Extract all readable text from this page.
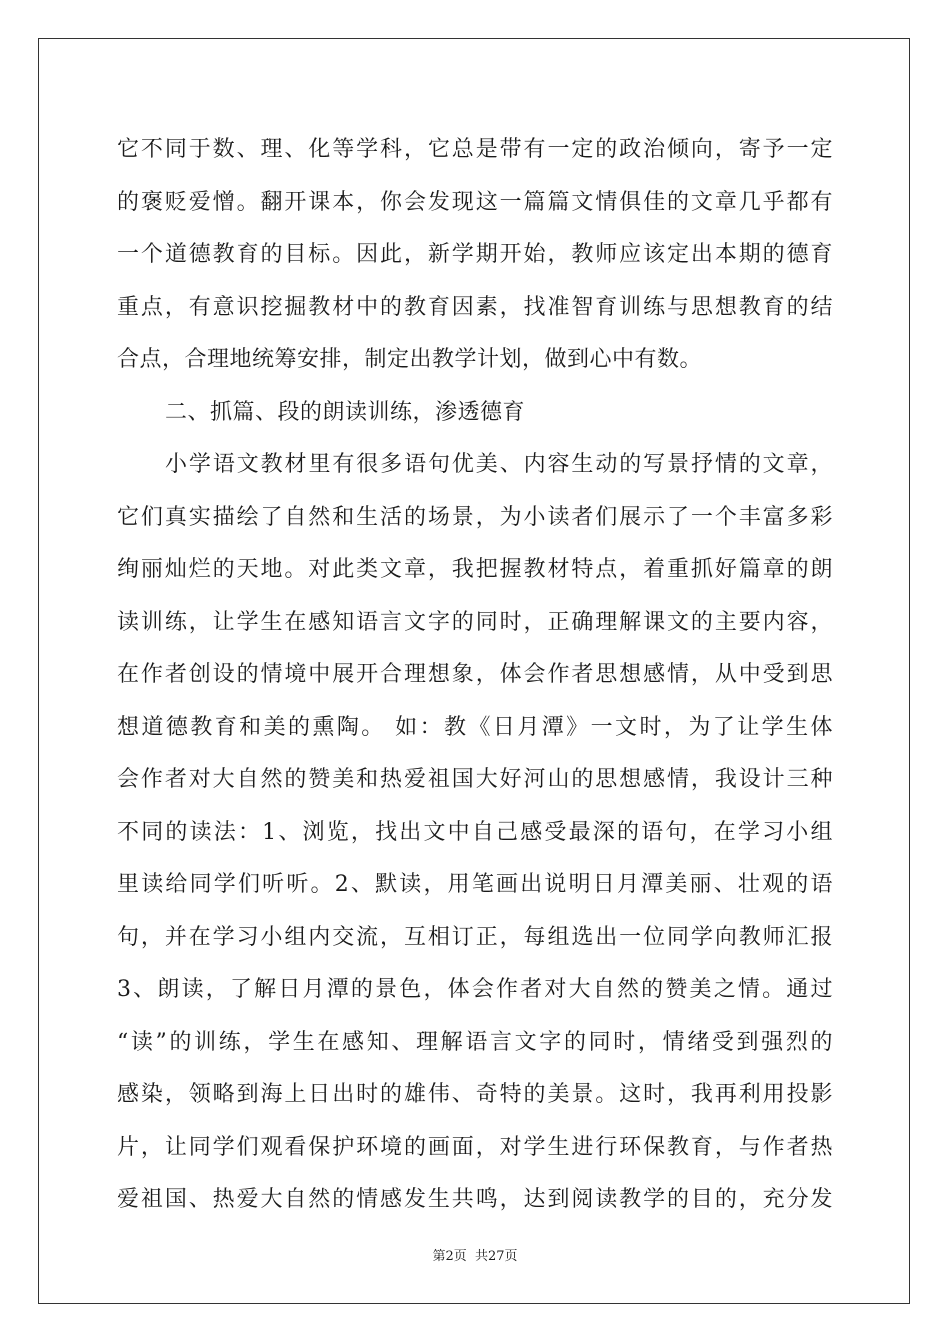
它不同于数、理、化等学科，它总是带有一定的政治倾向，寄予一定
的褒贬爱憎。翻开课本，你会发现这一篇篇文情俱佳的文章几乎都有
一个道德教育的目标。因此，新学期开始，教师应该定出本期的德育
重点，有意识挖掘教材中的教育因素，找准智育训练与思想教育的结
合点，合理地统筹安排，制定出教学计划，做到心中有数。
二、抓篇、段的朗读训练，渗透德育
小学语文教材里有很多语句优美、内容生动的写景抒情的文章，
它们真实描绘了自然和生活的场景，为小读者们展示了一个丰富多彩
绚丽灿烂的天地。对此类文章，我把握教材特点，着重抓好篇章的朗
读训练，让学生在感知语言文字的同时，正确理解课文的主要内容，
在作者创设的情境中展开合理想象，体会作者思想感情，从中受到思
想道德教育和美的熏陶。 如：教《日月潭》一文时，为了让学生体
会作者对大自然的赞美和热爱祖国大好河山的思想感情，我设计三种
不同的读法：1、浏览，找出文中自己感受最深的语句，在学习小组
里读给同学们听听。2、默读，用笔画出说明日月潭美丽、壮观的语
句，并在学习小组内交流，互相订正，每组选出一位同学向教师汇报
3、朗读，了解日月潭的景色，体会作者对大自然的赞美之情。通过
“读”的训练，学生在感知、理解语言文字的同时，情绪受到强烈的
感染，领略到海上日出时的雄伟、奇特的美景。这时，我再利用投影
片，让同学们观看保护环境的画面，对学生进行环保教育，与作者热
爱祖国、热爱大自然的情感发生共鸣，达到阅读教学的目的，充分发
第2页 共27页
